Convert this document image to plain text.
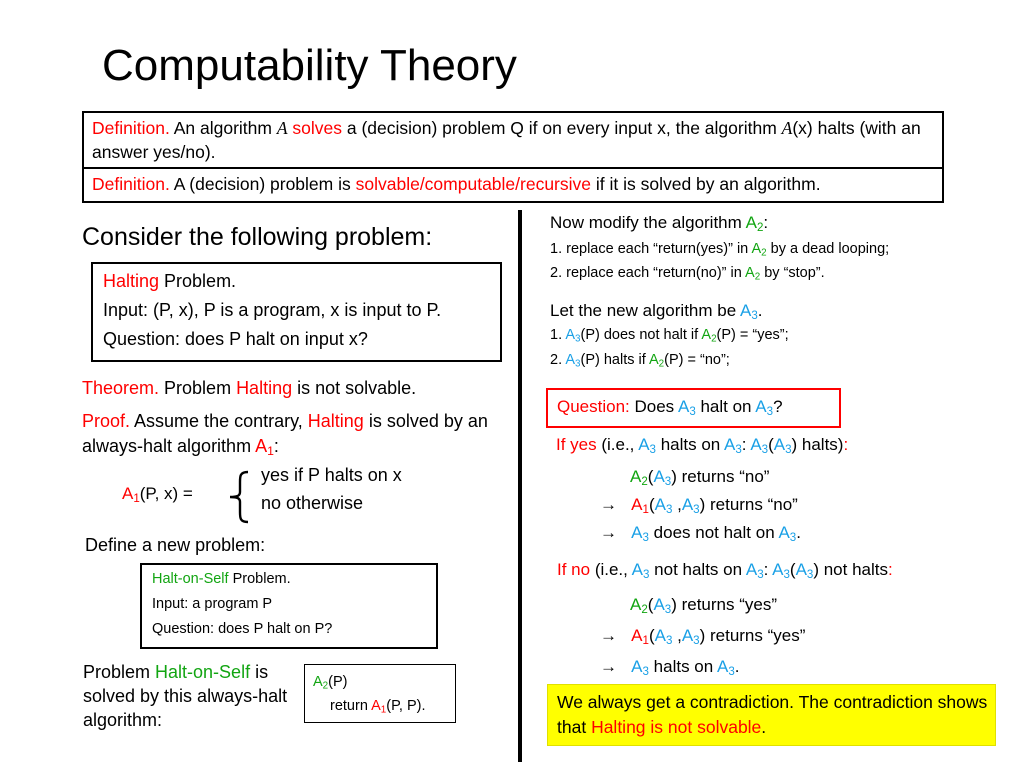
Computability Theory
Definition. An algorithm A solves a (decision) problem Q if on every input x, the algorithm A(x) halts (with an answer yes/no).
Definition. A (decision) problem is solvable/computable/recursive if it is solved by an algorithm.
Consider the following problem:
Halting Problem.
Input: (P, x), P is a program, x is input to P.
Question: does P halt on input x?
Theorem. Problem Halting is not solvable.
Proof. Assume the contrary, Halting is solved by an always-halt algorithm $A_1$:
$A_1(P$, x) =
yes if P halts on x
no otherwise
Define a new problem:
Halt-on-Self Problem.
Input: a program P
Question: does P halt on P?
Problem Halt-on-Self is solved by this always-halt algorithm:
$A_2(P)$
return $A_1(P$, P).
Now modify the algorithm $A_2$:
1. replace each “return(yes)” in $A_2$ by a dead looping;
2. replace each “return(no)” in $A_2$ by “stop”.
Let the new algorithm be $A_3$.
1. $A_3(P)$ does not halt if $A_2(P)$ = “yes”;
2. $A_3(P)$ halts if $A_2(P)$ = “no”;
Question: Does $A_3$ halt on $A_3$?
If yes (i.e., $A_3$ halts on $A_3$: $A_3(A_3)$ halts):
$A_2(A_3)$ returns “no”
→ $A_1(A_3$ $,A_3$) returns “no”
→ $A_3$ does not halt on $A_3$.
If no (i.e., $A_3$ not halts on $A_3$: $A_3(A_3)$ not halts:
$A_2(A_3)$ returns “yes”
→ $A_1(A_3$ $,A_3$) returns “yes”
→ $A_3$ halts on $A_3$.
We always get a contradiction. The contradiction shows that Halting is not solvable.
